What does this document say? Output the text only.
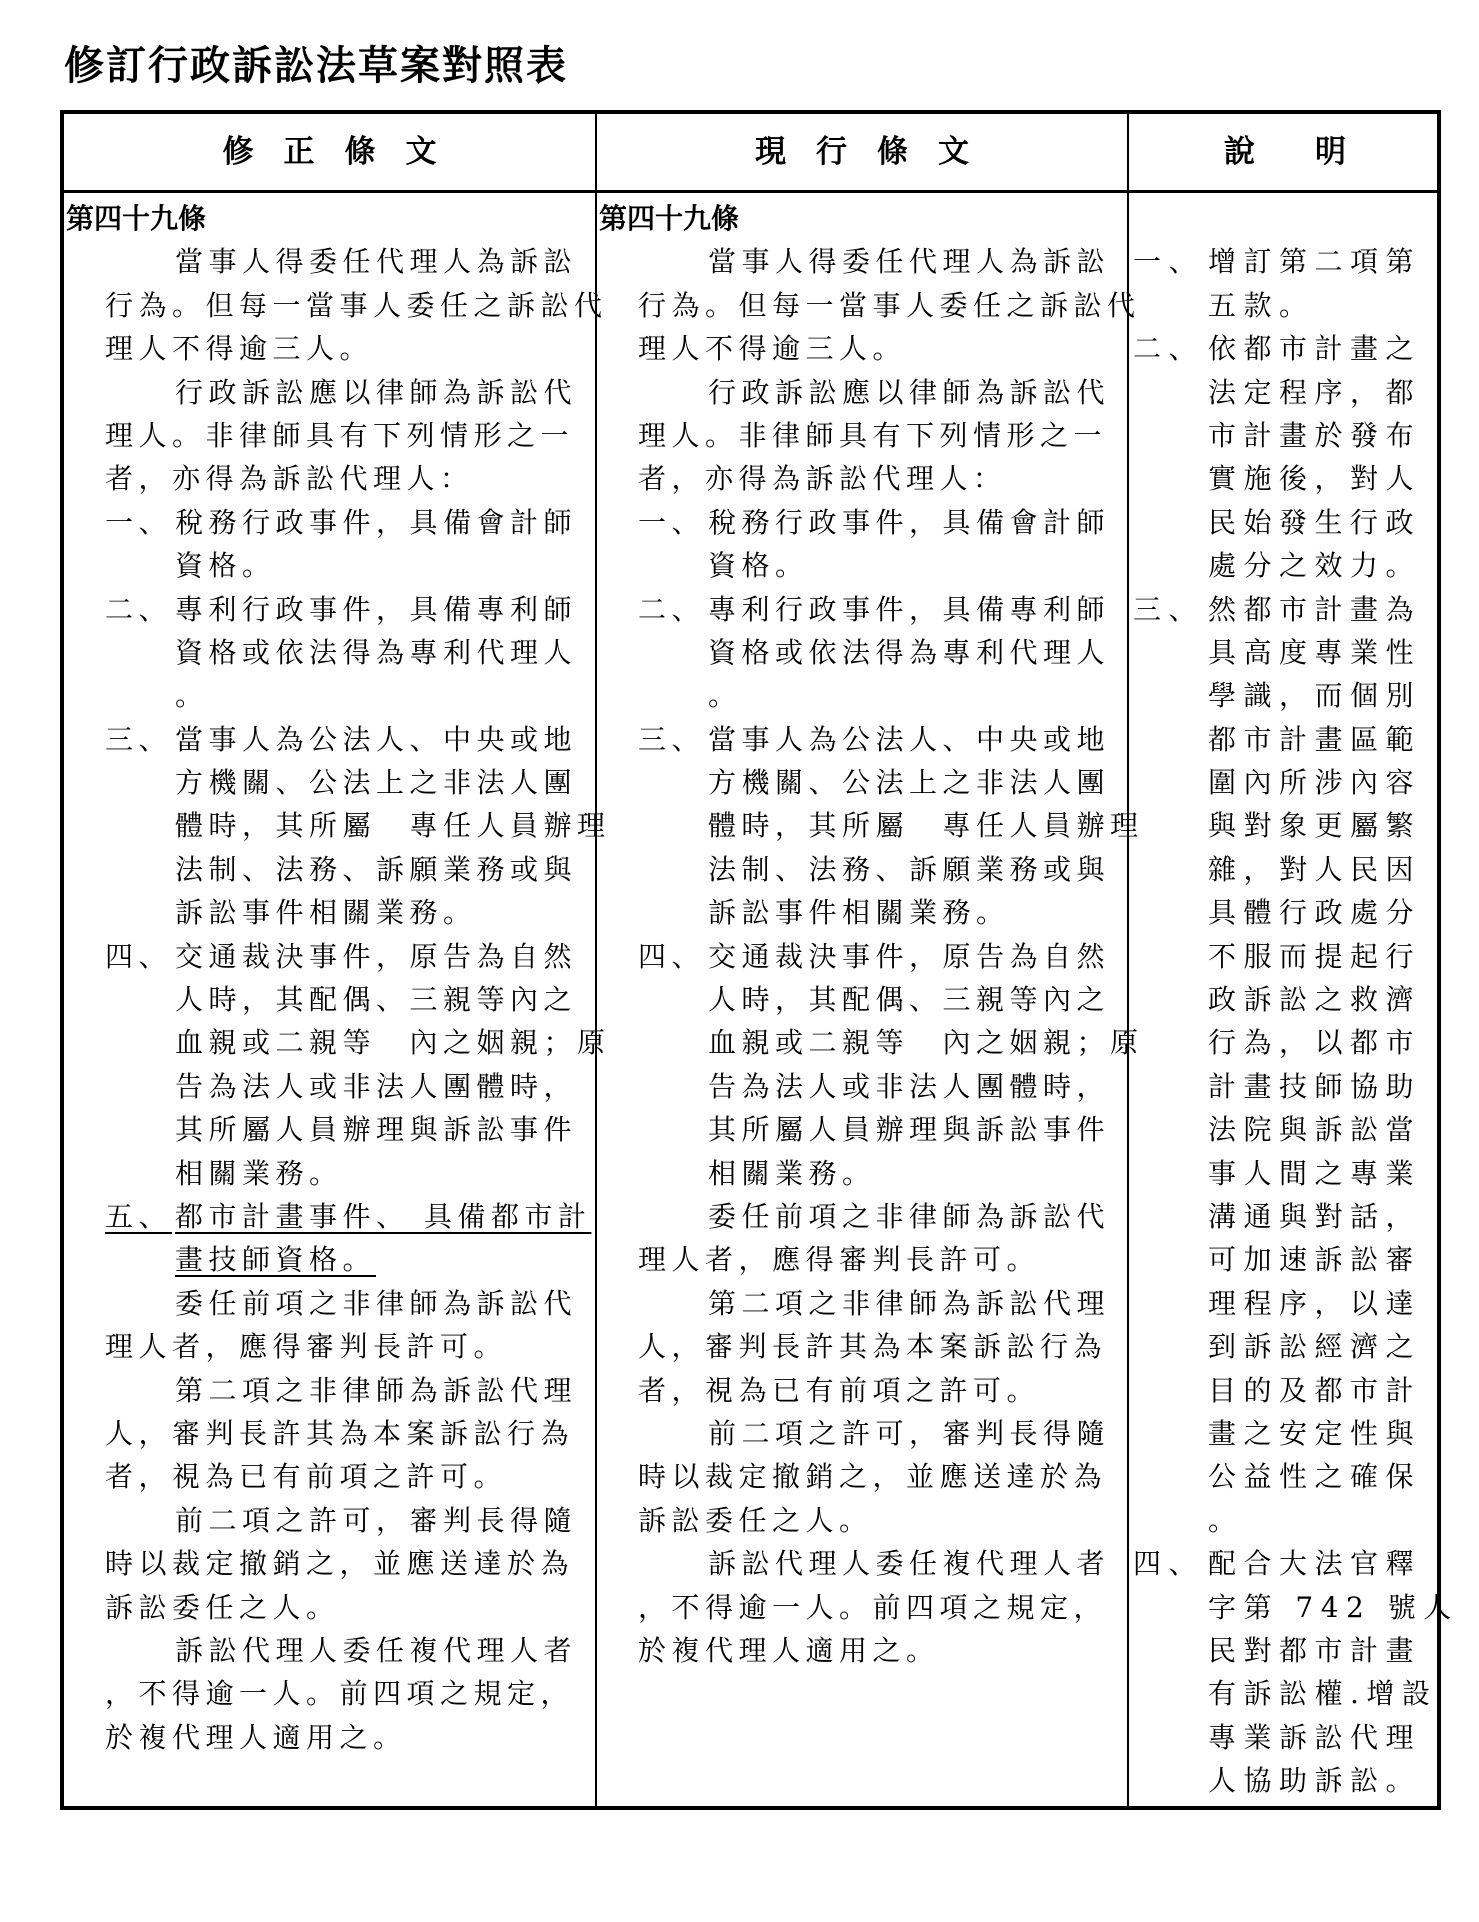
修訂行政訴訟法草案對照表
修正條文	現行條文	說明
第四十九條
當事人得委任代理人為訴訟
行為。但每一當事人委任之訴訟代
理人不得逾三人。
行政訴訟應以律師為訴訟代
理人。非律師具有下列情形之一
者，亦得為訴訟代理人：
一、 稅務行政事件，具備會計師
資格。
二、 專利行政事件，具備專利師
資格或依法得為專利代理人
。
三、 當事人為公法人、中央或地
方機關、公法上之非法人團
體時，其所屬　專任人員辦理
法制、法務、訴願業務或與
訴訟事件相關業務。
四、 交通裁決事件，原告為自然
人時，其配偶、三親等內之
血親或二親等　內之姻親；原
告為法人或非法人團體時，
其所屬人員辦理與訴訟事件
相關業務。
五、 都市計畫事件、 具備都市計
畫技師資格。
委任前項之非律師為訴訟代
理人者，應得審判長許可。
第二項之非律師為訴訟代理
人，審判長許其為本案訴訟行為
者，視為已有前項之許可。
前二項之許可，審判長得隨
時以裁定撤銷之，並應送達於為
訴訟委任之人。
訴訟代理人委任複代理人者
，不得逾一人。前四項之規定，
於複代理人適用之。
第四十九條
當事人得委任代理人為訴訟
行為。但每一當事人委任之訴訟代
理人不得逾三人。
行政訴訟應以律師為訴訟代
理人。非律師具有下列情形之一
者，亦得為訴訟代理人：
一、 稅務行政事件，具備會計師
資格。
二、 專利行政事件，具備專利師
資格或依法得為專利代理人
。
三、 當事人為公法人、中央或地
方機關、公法上之非法人團
體時，其所屬　專任人員辦理
法制、法務、訴願業務或與
訴訟事件相關業務。
四、 交通裁決事件，原告為自然
人時，其配偶、三親等內之
血親或二親等　內之姻親；原
告為法人或非法人團體時，
其所屬人員辦理與訴訟事件
相關業務。
委任前項之非律師為訴訟代
理人者，應得審判長許可。
第二項之非律師為訴訟代理
人，審判長許其為本案訴訟行為
者，視為已有前項之許可。
前二項之許可，審判長得隨
時以裁定撤銷之，並應送達於為
訴訟委任之人。
訴訟代理人委任複代理人者
，不得逾一人。前四項之規定，
於複代理人適用之。
一、 增訂第二項第
五款。
二、 依都市計畫之
法定程序，都
市計畫於發布
實施後，對人
民始發生行政
處分之效力。
三、 然都市計畫為
具高度專業性
學識，而個別
都市計畫區範
圍內所涉內容
與對象更屬繁
雜，對人民因
具體行政處分
不服而提起行
政訴訟之救濟
行為，以都市
計畫技師協助
法院與訴訟當
事人間之專業
溝通與對話，
可加速訴訟審
理程序，以達
到訴訟經濟之
目的及都市計
畫之安定性與
公益性之確保
。
四、 配合大法官釋
字第 742 號人
民對都市計畫
有訴訟權.增設
專業訴訟代理
人協助訴訟。
